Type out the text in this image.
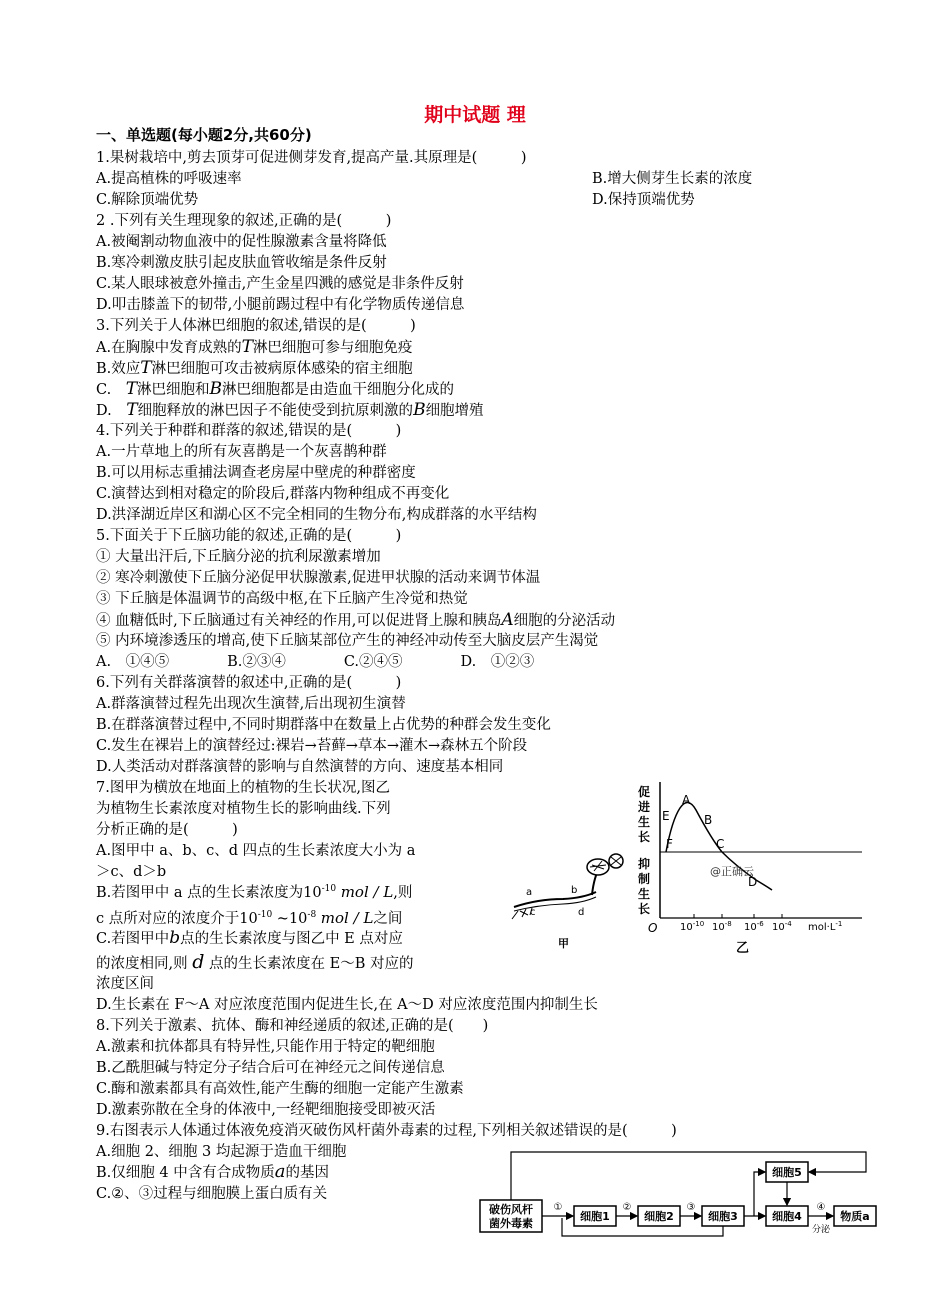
期中试题 理
一、单选题(每小题2分,共60分)
1.果树栽培中,剪去顶芽可促进侧芽发育,提高产量.其原理是(　　　)
A.提高植株的呼吸速率	B.增大侧芽生长素的浓度
C.解除顶端优势	D.保持顶端优势
2 .下列有关生理现象的叙述,正确的是(　　　)
A.被阉割动物血液中的促性腺激素含量将降低
B.寒冷刺激皮肤引起皮肤血管收缩是条件反射
C.某人眼球被意外撞击,产生金星四溅的感觉是非条件反射
D.叩击膝盖下的韧带,小腿前踢过程中有化学物质传递信息
3.下列关于人体淋巴细胞的叙述,错误的是(　　　)
A.在胸腺中发育成熟的T淋巴细胞可参与细胞免疫
B.效应T淋巴细胞可攻击被病原体感染的宿主细胞
C.  T淋巴细胞和B淋巴细胞都是由造血干细胞分化成的
D.  T细胞释放的淋巴因子不能使受到抗原刺激的B细胞增殖
4.下列关于种群和群落的叙述,错误的是(　　　)
A.一片草地上的所有灰喜鹊是一个灰喜鹊种群
B.可以用标志重捕法调查老房屋中壁虎的种群密度
C.演替达到相对稳定的阶段后,群落内物种组成不再变化
D.洪泽湖近岸区和湖心区不完全相同的生物分布,构成群落的水平结构
5.下面关于下丘脑功能的叙述,正确的是(　　　)
① 大量出汗后,下丘脑分泌的抗利尿激素增加
② 寒冷刺激使下丘脑分泌促甲状腺激素,促进甲状腺的活动来调节体温
③ 下丘脑是体温调节的高级中枢,在下丘脑产生冷觉和热觉
④ 血糖低时,下丘脑通过有关神经的作用,可以促进肾上腺和胰岛A细胞的分泌活动
⑤ 内环境渗透压的增高,使下丘脑某部位产生的神经冲动传至大脑皮层产生渴觉
A.　①④⑤　　　　B.②③④　　　　C.②④⑤　　　　D.　①②③
6.下列有关群落演替的叙述中,正确的是(　　　)
A.群落演替过程先出现次生演替,后出现初生演替
B.在群落演替过程中,不同时期群落中在数量上占优势的种群会发生变化
C.发生在裸岩上的演替经过:裸岩→苔藓→草本→灌木→森林五个阶段
D.人类活动对群落演替的影响与自然演替的方向、速度基本相同
7.图甲为横放在地面上的植物的生长状况,图乙
为植物生长素浓度对植物生长的影响曲线.下列
分析正确的是(　　　)
A.图甲中 a、b、c、d 四点的生长素浓度大小为 a
＞c、d＞b
B.若图甲中 a 点的生长素浓度为$10^{-10}$ mol / L,则
c 点所对应的浓度介于$10^{-10}$ $\sim 10^{-8}$ mol / L之间
C.若图甲中b点的生长素浓度与图乙中 E 点对应
的浓度相同,则 d 点的生长素浓度在 E～B 对应的
浓度区间
D.生长素在 F～A 对应浓度范围内促进生长,在 A～D 对应浓度范围内抑制生长
a	b
c	d
甲
促
进
生
长
抑
制
生
长
A
B
C
D
E
F
@正确云
O $10^{-10}$ $10^{-8}$ $10^{-6}$ $10^{-4}$ $mol\cdot L^{-1}$
乙
8.下列关于激素、抗体、酶和神经递质的叙述,正确的是(　　)
A.激素和抗体都具有特异性,只能作用于特定的靶细胞
B.乙酰胆碱与特定分子结合后可在神经元之间传递信息
C.酶和激素都具有高效性,能产生酶的细胞一定能产生激素
D.激素弥散在全身的体液中,一经靶细胞接受即被灭活
9.右图表示人体通过体液免疫消灭破伤风杆菌外毒素的过程,下列相关叙述错误的是(　　　)
A.细胞 2、细胞 3 均起源于造血干细胞
B.仅细胞 4 中含有合成物质a的基因
C.②、③过程与细胞膜上蛋白质有关
破伤风杆
菌外毒素
细胞1	细胞2	细胞3	细胞4
细胞5
物质a
①	②	③	④
分泌
